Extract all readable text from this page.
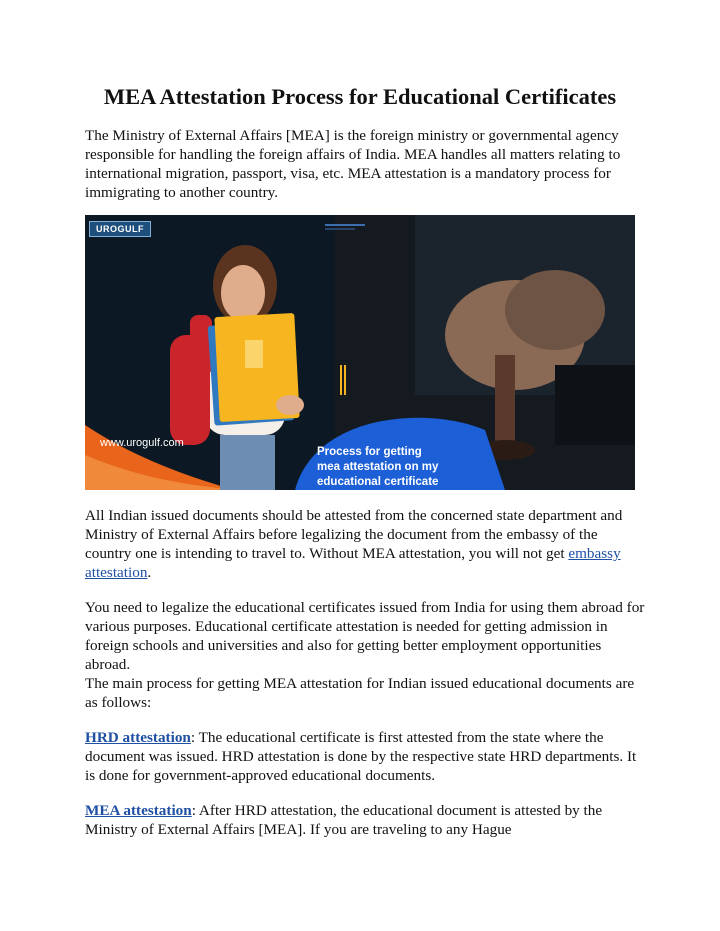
MEA Attestation Process for Educational Certificates

The Ministry of External Affairs [MEA] is the foreign ministry or governmental agency responsible for handling the foreign affairs of India. MEA handles all matters relating to international migration, passport, visa, etc. MEA attestation is a mandatory process for immigrating to another country.

UROGULF
www.urogulf.com
Process for getting
mea attestation on my
educational certificate

All Indian issued documents should be attested from the concerned state department and Ministry of External Affairs before legalizing the document from the embassy of the country one is intending to travel to. Without MEA attestation, you will not get embassy attestation.

You need to legalize the educational certificates issued from India for using them abroad for various purposes. Educational certificate attestation is needed for getting admission in foreign schools and universities and also for getting better employment opportunities abroad.

The main process for getting MEA attestation for Indian issued educational documents are as follows:

HRD attestation: The educational certificate is first attested from the state where the document was issued. HRD attestation is done by the respective state HRD departments. It is done for government-approved educational documents.

MEA attestation: After HRD attestation, the educational document is attested by the Ministry of External Affairs [MEA]. If you are traveling to any Hague
